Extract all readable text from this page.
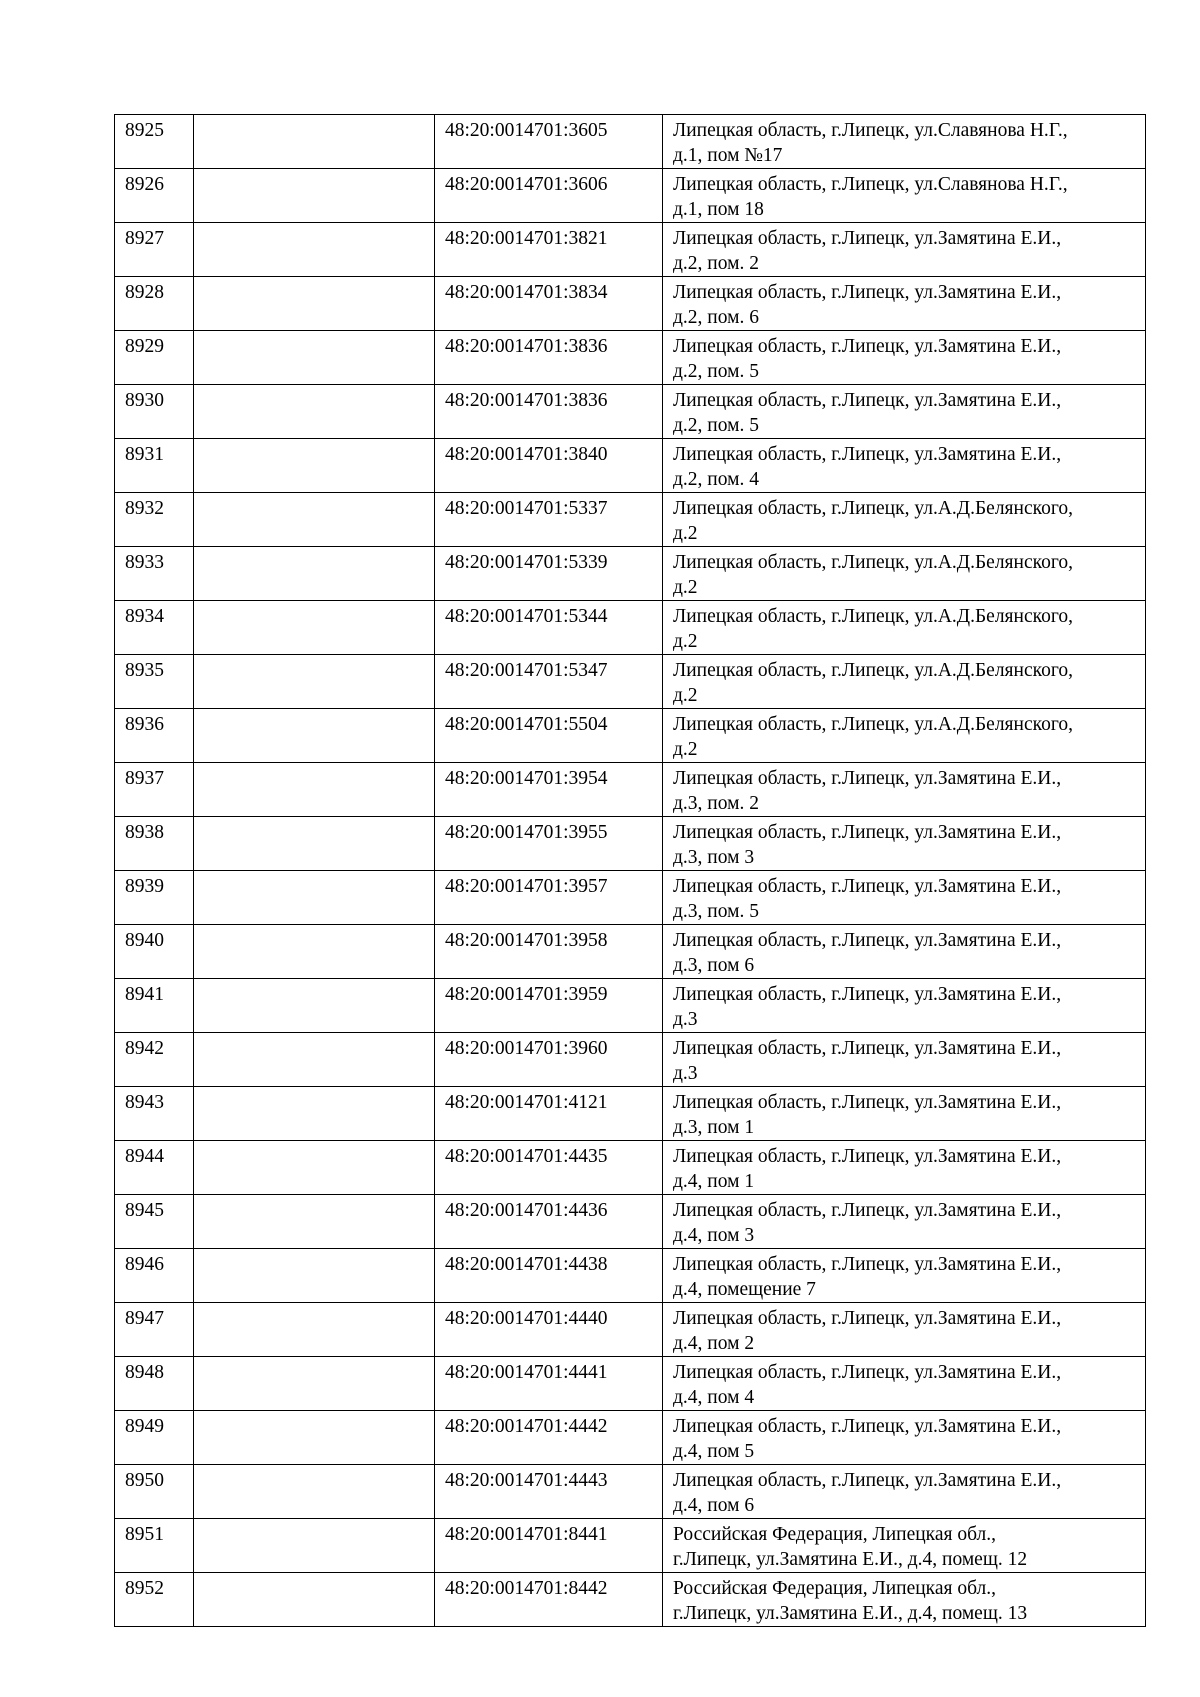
8925		48:20:0014701:3605	Липецкая область, г.Липецк, ул.Славянова Н.Г.,
д.1, пом №17

8926		48:20:0014701:3606	Липецкая область, г.Липецк, ул.Славянова Н.Г.,
д.1, пом 18

8927		48:20:0014701:3821	Липецкая область, г.Липецк, ул.Замятина Е.И.,
д.2, пом. 2

8928		48:20:0014701:3834	Липецкая область, г.Липецк, ул.Замятина Е.И.,
д.2, пом. 6

8929		48:20:0014701:3836	Липецкая область, г.Липецк, ул.Замятина Е.И.,
д.2, пом. 5

8930		48:20:0014701:3836	Липецкая область, г.Липецк, ул.Замятина Е.И.,
д.2, пом. 5

8931		48:20:0014701:3840	Липецкая область, г.Липецк, ул.Замятина Е.И.,
д.2, пом. 4

8932		48:20:0014701:5337	Липецкая область, г.Липецк, ул.А.Д.Белянского,
д.2

8933		48:20:0014701:5339	Липецкая область, г.Липецк, ул.А.Д.Белянского,
д.2

8934		48:20:0014701:5344	Липецкая область, г.Липецк, ул.А.Д.Белянского,
д.2

8935		48:20:0014701:5347	Липецкая область, г.Липецк, ул.А.Д.Белянского,
д.2

8936		48:20:0014701:5504	Липецкая область, г.Липецк, ул.А.Д.Белянского,
д.2

8937		48:20:0014701:3954	Липецкая область, г.Липецк, ул.Замятина Е.И.,
д.3, пом. 2

8938		48:20:0014701:3955	Липецкая область, г.Липецк, ул.Замятина Е.И.,
д.3, пом 3

8939		48:20:0014701:3957	Липецкая область, г.Липецк, ул.Замятина Е.И.,
д.3, пом. 5

8940		48:20:0014701:3958	Липецкая область, г.Липецк, ул.Замятина Е.И.,
д.3, пом 6

8941		48:20:0014701:3959	Липецкая область, г.Липецк, ул.Замятина Е.И.,
д.3

8942		48:20:0014701:3960	Липецкая область, г.Липецк, ул.Замятина Е.И.,
д.3

8943		48:20:0014701:4121	Липецкая область, г.Липецк, ул.Замятина Е.И.,
д.3, пом 1

8944		48:20:0014701:4435	Липецкая область, г.Липецк, ул.Замятина Е.И.,
д.4, пом 1

8945		48:20:0014701:4436	Липецкая область, г.Липецк, ул.Замятина Е.И.,
д.4, пом 3

8946		48:20:0014701:4438	Липецкая область, г.Липецк, ул.Замятина Е.И.,
д.4, помещение 7

8947		48:20:0014701:4440	Липецкая область, г.Липецк, ул.Замятина Е.И.,
д.4, пом 2

8948		48:20:0014701:4441	Липецкая область, г.Липецк, ул.Замятина Е.И.,
д.4, пом 4

8949		48:20:0014701:4442	Липецкая область, г.Липецк, ул.Замятина Е.И.,
д.4, пом 5

8950		48:20:0014701:4443	Липецкая область, г.Липецк, ул.Замятина Е.И.,
д.4, пом 6

8951		48:20:0014701:8441	Российская Федерация, Липецкая обл.,
г.Липецк, ул.Замятина Е.И., д.4, помещ. 12

8952		48:20:0014701:8442	Российская Федерация, Липецкая обл.,
г.Липецк, ул.Замятина Е.И., д.4, помещ. 13
